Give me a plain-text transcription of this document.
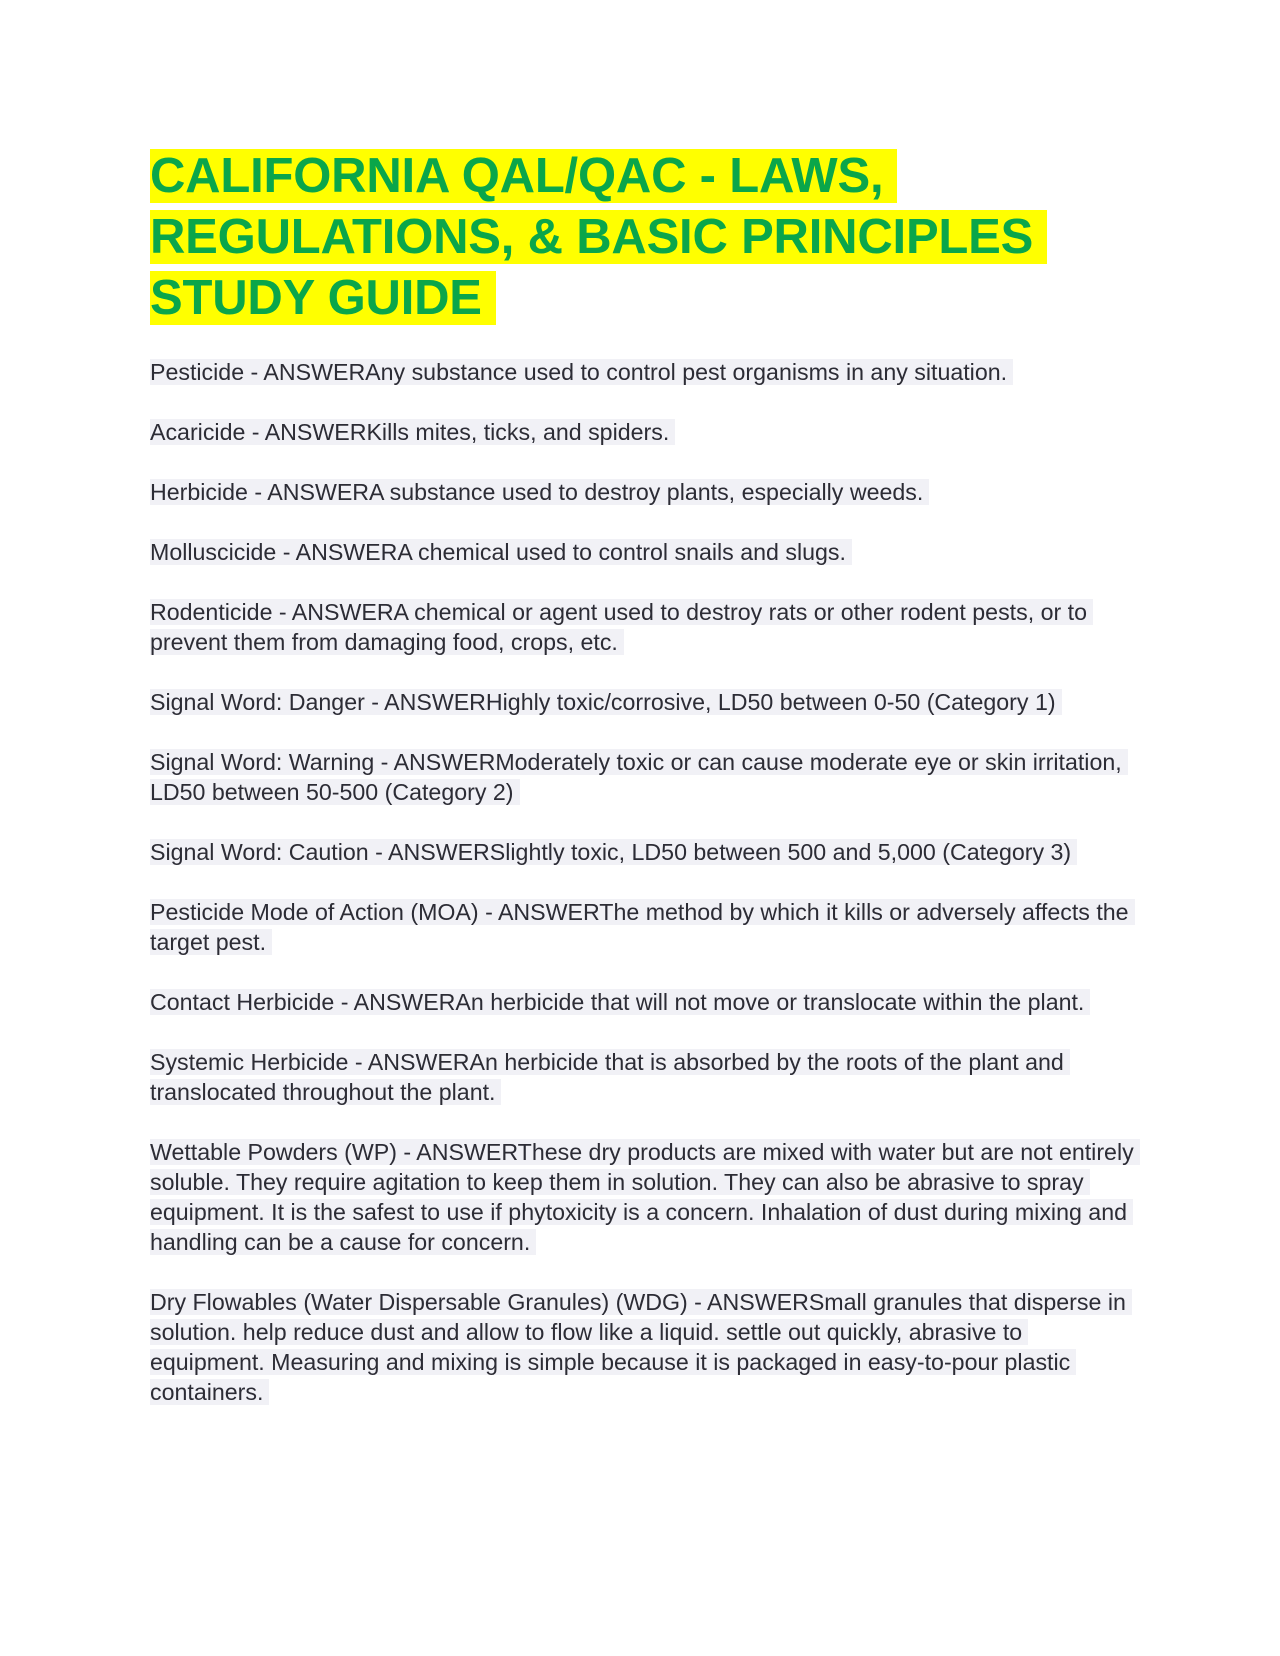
CALIFORNIA QAL/QAC - LAWS, REGULATIONS, & BASIC PRINCIPLES STUDY GUIDE

Pesticide - ANSWERAny substance used to control pest organisms in any situation.

Acaricide - ANSWERKills mites, ticks, and spiders.

Herbicide - ANSWERA substance used to destroy plants, especially weeds.

Molluscicide - ANSWERA chemical used to control snails and slugs.

Rodenticide - ANSWERA chemical or agent used to destroy rats or other rodent pests, or to prevent them from damaging food, crops, etc.

Signal Word: Danger - ANSWERHighly toxic/corrosive, LD50 between 0-50 (Category 1)

Signal Word: Warning - ANSWERModerately toxic or can cause moderate eye or skin irritation, LD50 between 50-500 (Category 2)

Signal Word: Caution - ANSWERSlightly toxic, LD50 between 500 and 5,000 (Category 3)

Pesticide Mode of Action (MOA) - ANSWERThe method by which it kills or adversely affects the target pest.

Contact Herbicide - ANSWERAn herbicide that will not move or translocate within the plant.

Systemic Herbicide - ANSWERAn herbicide that is absorbed by the roots of the plant and translocated throughout the plant.

Wettable Powders (WP) - ANSWERThese dry products are mixed with water but are not entirely soluble. They require agitation to keep them in solution. They can also be abrasive to spray equipment. It is the safest to use if phytoxicity is a concern. Inhalation of dust during mixing and handling can be a cause for concern.

Dry Flowables (Water Dispersable Granules) (WDG) - ANSWERSmall granules that disperse in solution. help reduce dust and allow to flow like a liquid. settle out quickly, abrasive to equipment. Measuring and mixing is simple because it is packaged in easy-to-pour plastic containers.
